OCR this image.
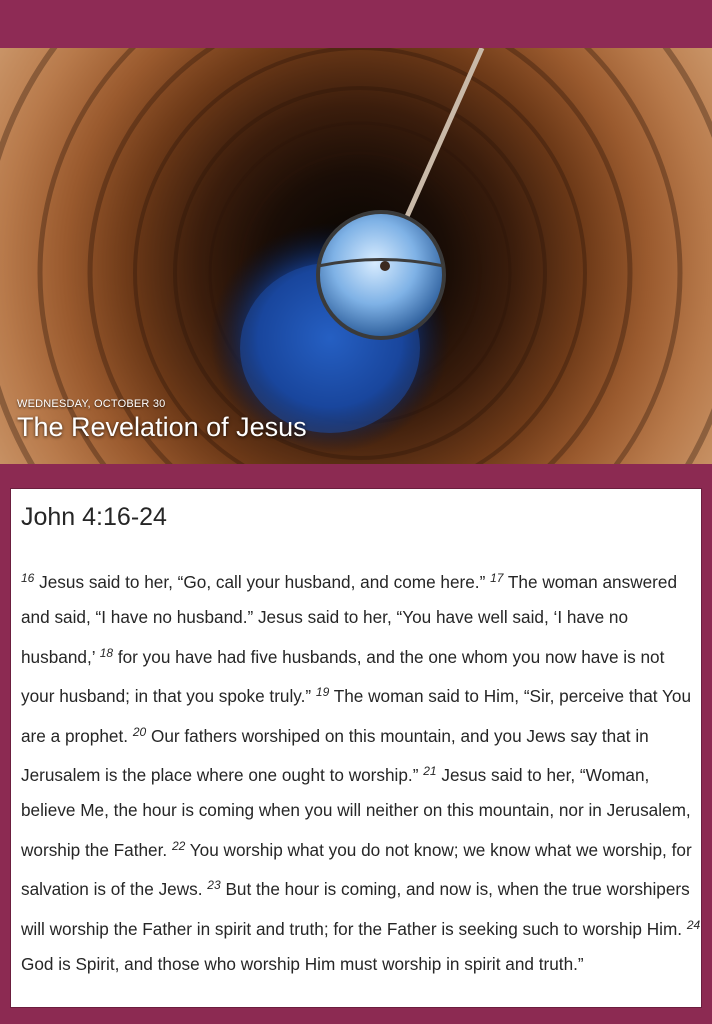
WEDNESDAY, OCTOBER 30
The Revelation of Jesus
John 4:16-24

$^{16}$ Jesus said to her, “Go, call your husband, and come here.” $^{17}$ The woman answered and said, “I have no husband.” Jesus said to her, “You have well said, ‘I have no husband,’ $^{18}$ for you have had five husbands, and the one whom you now have is not your husband; in that you spoke truly.” $^{19}$ The woman said to Him, “Sir, perceive that You are a prophet. $^{20}$ Our fathers worshiped on this mountain, and you Jews say that in Jerusalem is the place where one ought to worship.” $^{21}$ Jesus said to her, “Woman, believe Me, the hour is coming when you will neither on this mountain, nor in Jerusalem, worship the Father. $^{22}$ You worship what you do not know; we know what we worship, for salvation is of the Jews. $^{23}$ But the hour is coming, and now is, when the true worshipers will worship the Father in spirit and truth; for the Father is seeking such to worship Him. $^{24}$ God is Spirit, and those who worship Him must worship in spirit and truth.”
